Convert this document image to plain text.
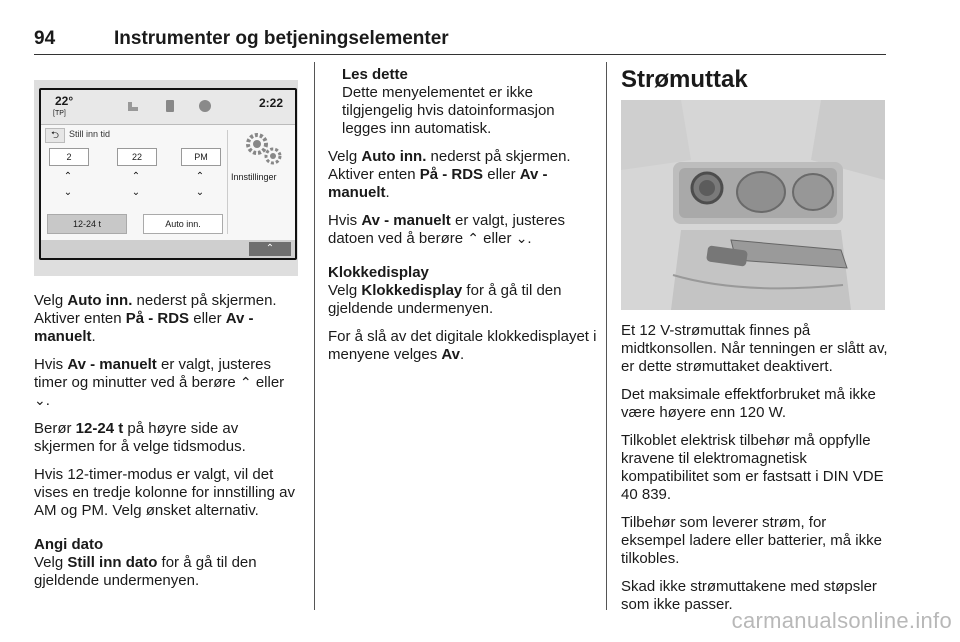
94	Instrumenter og betjeningselementer
22°
[TP]
2:22
⮌	Still inn tid
2	22	PM
⌃
⌄
⌃
⌄
⌃
⌄
12-24 t	Auto inn.
Innstillinger
⌃

Velg Auto inn. nederst på skjermen. Aktiver enten På - RDS eller Av - manuelt.

Hvis Av - manuelt er valgt, justeres timer og minutter ved å berøre ⌃ eller ⌄.

Berør 12-24 t på høyre side av skjermen for å velge tidsmodus.

Hvis 12-timer-modus er valgt, vil det vises en tredje kolonne for innstilling av AM og PM. Velg ønsket alternativ.

Angi dato

Velg Still inn dato for å gå til den gjeldende undermenyen.

Les dette
Dette menyelementet er ikke tilgjengelig hvis datoinformasjon legges inn automatisk.

Velg Auto inn. nederst på skjermen. Aktiver enten På - RDS eller Av - manuelt.

Hvis Av - manuelt er valgt, justeres datoen ved å berøre ⌃ eller ⌄.

Klokkedisplay

Velg Klokkedisplay for å gå til den gjeldende undermenyen.

For å slå av det digitale klokkedisplayet i menyene velges Av.

Strømuttak

Et 12 V-strømuttak finnes på midtkonsollen. Når tenningen er slått av, er dette strømuttaket deaktivert.

Det maksimale effektforbruket må ikke være høyere enn 120 W.

Tilkoblet elektrisk tilbehør må oppfylle kravene til elektromagnetisk kompatibilitet som er fastsatt i DIN VDE 40 839.

Tilbehør som leverer strøm, for eksempel ladere eller batterier, må ikke tilkobles.

Skad ikke strømuttakene med støpsler som ikke passer.

carmanualsonline.info
